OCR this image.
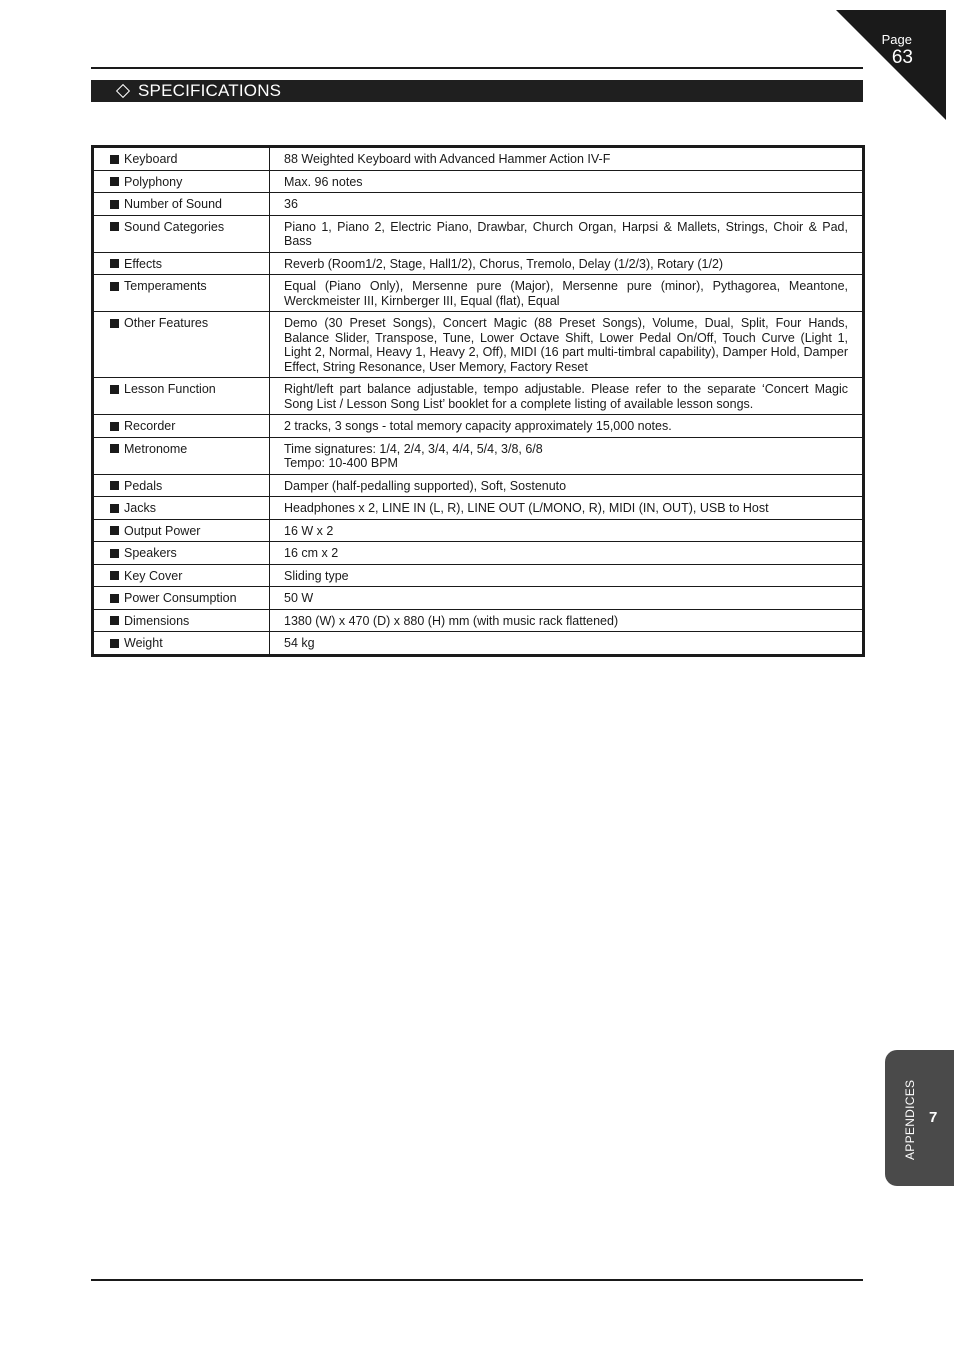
Page
63
SPECIFICATIONS
Keyboard	88 Weighted Keyboard with Advanced Hammer Action IV-F

Polyphony	Max. 96 notes

Number of Sound	36

Sound Categories	Piano 1, Piano 2, Electric Piano, Drawbar, Church Organ, Harpsi & Mallets, Strings, Choir & Pad, Bass

Effects	Reverb (Room1/2, Stage, Hall1/2), Chorus, Tremolo, Delay (1/2/3), Rotary (1/2)

Temperaments	Equal (Piano Only), Mersenne pure (Major), Mersenne pure (minor), Pythagorea, Meantone, Werckmeister III, Kirnberger III, Equal (flat), Equal

Other Features	Demo (30 Preset Songs), Concert Magic (88 Preset Songs), Volume, Dual, Split, Four Hands, Balance Slider, Transpose, Tune, Lower Octave Shift, Lower Pedal On/Off, Touch Curve (Light 1, Light 2, Normal, Heavy 1, Heavy 2, Off), MIDI (16 part multi-timbral capability), Damper Hold, Damper Effect, String Resonance, User Memory, Factory Reset

Lesson Function	Right/left part balance adjustable, tempo adjustable. Please refer to the separate ‘Concert Magic Song List / Lesson Song List’ booklet for a complete listing of available lesson songs.

Recorder	2 tracks, 3 songs - total memory capacity approximately 15,000 notes.

Metronome	Time signatures: 1/4, 2/4, 3/4, 4/4, 5/4, 3/8, 6/8
Tempo: 10-400 BPM

Pedals	Damper (half-pedalling supported), Soft, Sostenuto

Jacks	Headphones x 2, LINE IN (L, R), LINE OUT (L/MONO, R), MIDI (IN, OUT), USB to Host

Output Power	16 W x 2

Speakers	16 cm x 2

Key Cover	Sliding type

Power Consumption	50 W

Dimensions	1380 (W) x 470 (D) x 880 (H) mm (with music rack flattened)

Weight	54 kg
APPENDICES 7
